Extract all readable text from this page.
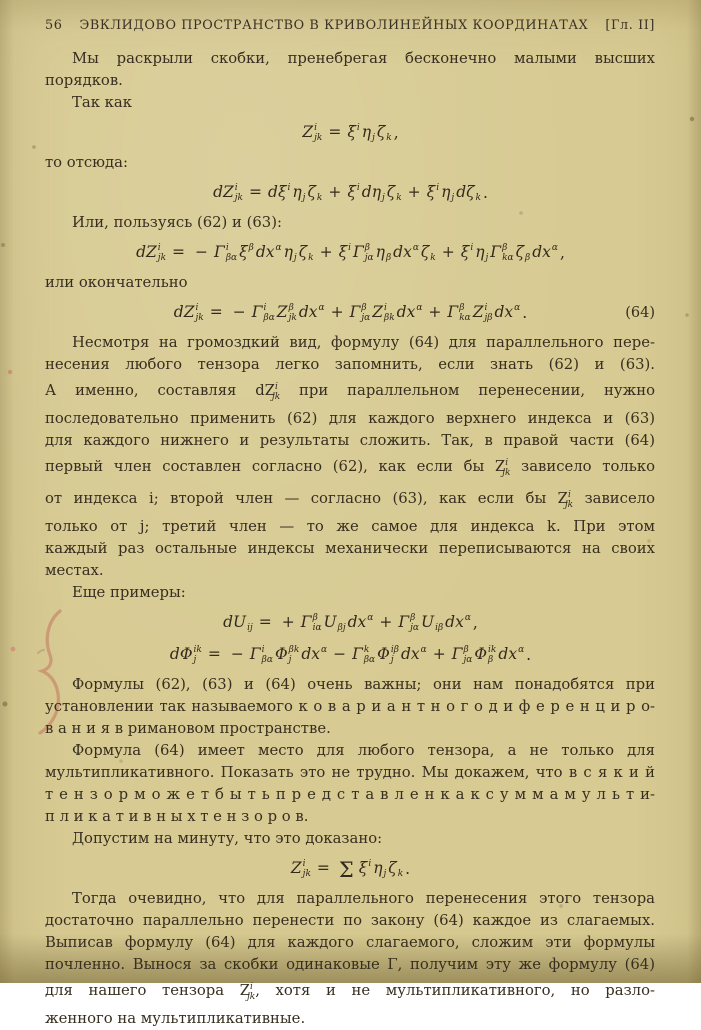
56	ЭВКЛИДОВО ПРОСТРАНСТВО В КРИВОЛИНЕЙНЫХ КООРДИНАТАХ	[Гл. II]
Мы раскрыли скобки, пренебрегая бесконечно малыми высших
порядков.
Так как
Z i
jk = ξ i η j ζ k ,
то отсюда:
dZ i
jk = dξ i η j ζ k + ξ i dη j ζ k + ξ i η j dζ k .
Или, пользуясь (62) и (63):
dZ i
jk = − Γ i
βα ξ β dx α η j ζ k + ξ i Γ β
jα η β dx α ζ k + ξ i η j Γ β
kα ζ β dx α ,
или окончательно
dZ i
jk = − Γ i
βα Z β
jk dx α + Γ β
jα Z i
βk dx α + Γ β
kα Z i
jβ dx α .	(64)
Несмотря на громоздкий вид, формулу (64) для параллельного пере-
несения любого тензора легко запомнить, если знать (62) и (63).
А именно, составляя $dZ^i_{jk}$ при параллельном перенесении, нужно
последовательно применить (62) для каждого верхнего индекса и (63)
для каждого нижнего и результаты сложить. Так, в правой части (64)
первый член составлен согласно (62), как если бы $Z^i_{jk}$ зависело только
от индекса i; второй член — согласно (63), как если бы $Z^i_{jk}$ зависело
только от j; третий член — то же самое для индекса k. При этом
каждый раз остальные индексы механически переписываются на своих
местах.
Еще примеры:
dU ij = + Γ β
iα U βj dx α + Γ β
jα U iβ dx α ,
dΦ ik
j = − Γ i
βα Φ βk
j dx α − Γ k
βα Φ iβ
j dx α + Γ β
jα Φ ik
β dx α .
Формулы (62), (63) и (64) очень важны; они нам понадобятся при
установлении так называемого к о в а р и а н т н о г о д и ф е р е н ц и р о-
в а н и я в римановом пространстве.
Формула (64) имеет место для любого тензора, а не только для
мультипликативного. Показать это не трудно. Мы докажем, что в с я к и й
т е н з о р м о ж е т б ы т ь п р е д с т а в л е н к а к с у м м а м у л ь т и-
п л и к а т и в н ы х т е н з о р о в.
Допустим на минуту, что это доказано:
Z i
jk = Σ ξ i η j ζ k .
Тогда очевидно, что для параллельного перенесения этого тензора
достаточно параллельно перенести по закону (64) каждое из слагаемых.
Выписав формулу (64) для каждого слагаемого, сложим эти формулы
почленно. Вынося за скобки одинаковые Γ, получим эту же формулу (64)
для нашего тензора $Z^i_{jk}$, хотя и не мультипликативного, но разло-
женного на мультипликативные.
